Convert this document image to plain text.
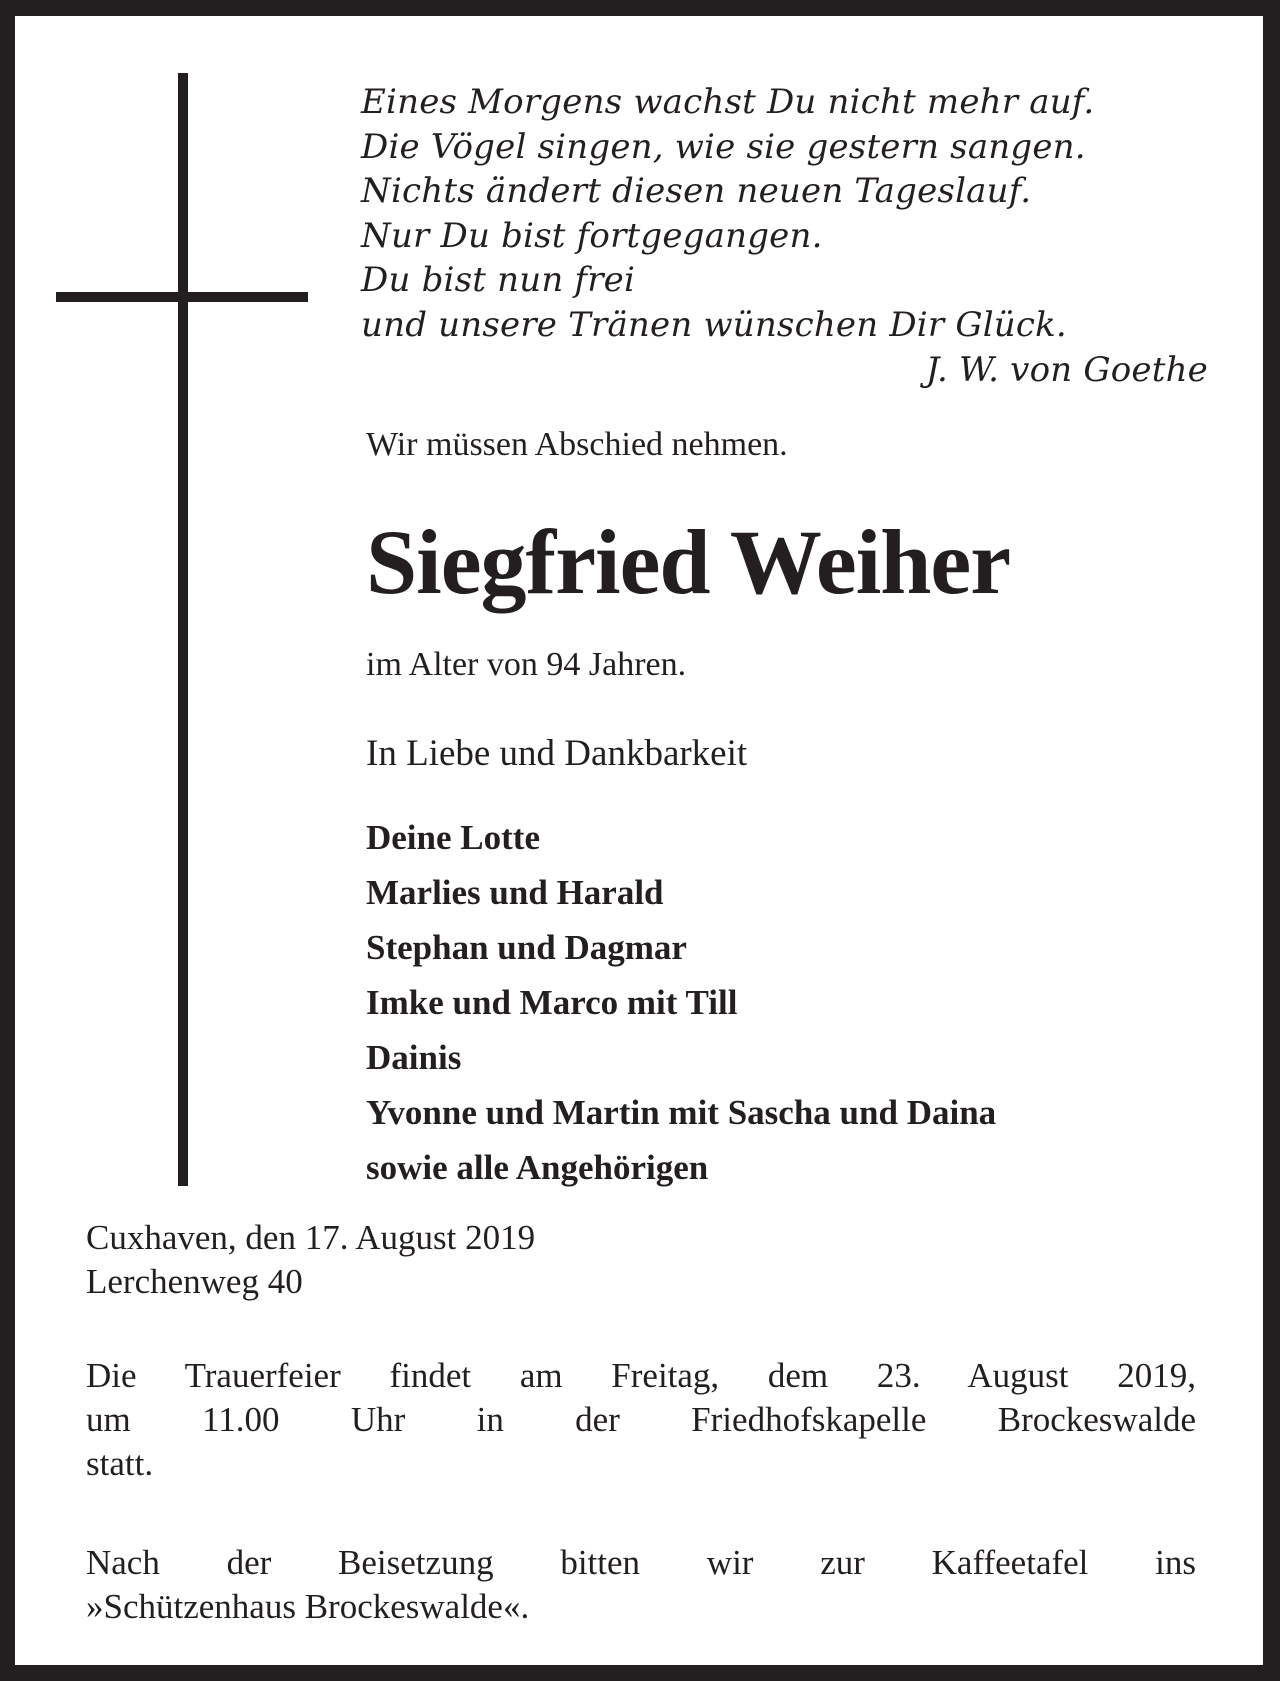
Eines Morgens wachst Du nicht mehr auf.
Die Vögel singen, wie sie gestern sangen.
Nichts ändert diesen neuen Tageslauf.
Nur Du bist fortgegangen.
Du bist nun frei
und unsere Tränen wünschen Dir Glück.
J. W. von Goethe
Wir müssen Abschied nehmen.
Siegfried Weiher
im Alter von 94 Jahren.
In Liebe und Dankbarkeit
Deine Lotte
Marlies und Harald
Stephan und Dagmar
Imke und Marco mit Till
Dainis
Yvonne und Martin mit Sascha und Daina
sowie alle Angehörigen
Cuxhaven, den 17. August 2019
Lerchenweg 40
Die Trauerfeier findet am Freitag, dem 23. August 2019,
um 11.00 Uhr in der Friedhofskapelle Brockeswalde
statt.
Nach der Beisetzung bitten wir zur Kaffeetafel ins
»Schützenhaus Brockeswalde«.
